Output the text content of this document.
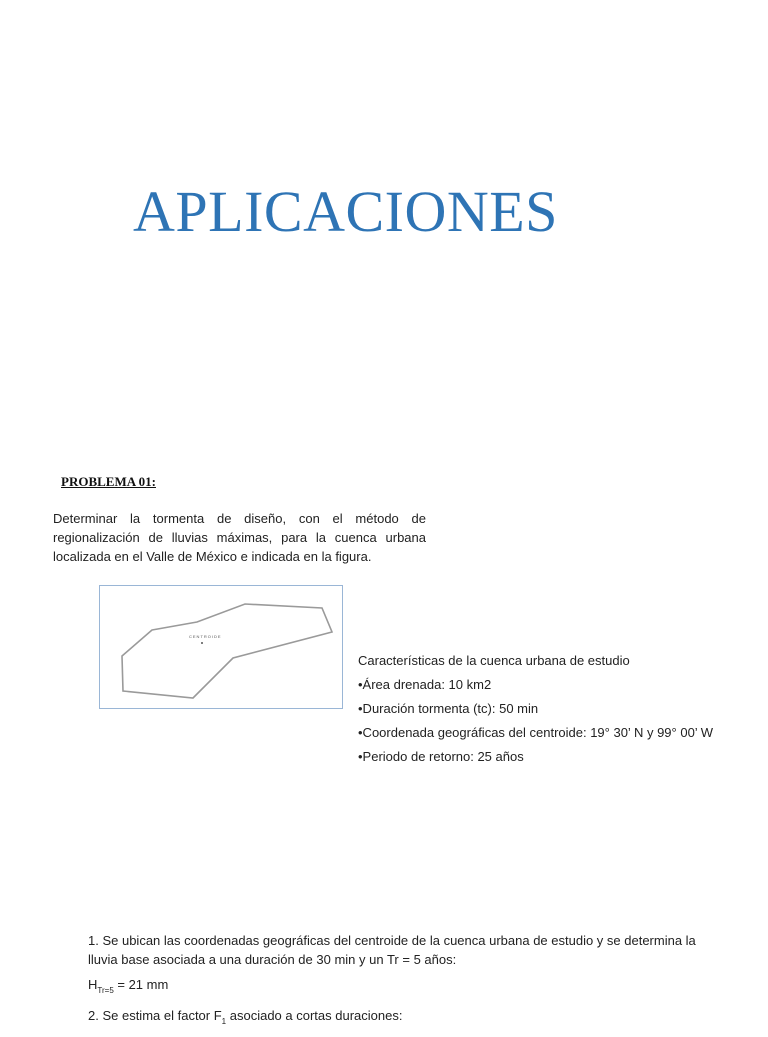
APLICACIONES
PROBLEMA 01:
Determinar la tormenta de diseño, con el método de regionalización de lluvias máximas, para la cuenca urbana localizada en el Valle de México e indicada en la figura.
CENTROIDE

Características de la cuenca urbana de estudio

•Área drenada: 10 km2

•Duración tormenta (tc): 50 min

•Coordenada geográficas del centroide: 19° 30’ N y 99° 00’ W

•Periodo de retorno: 25 años

1. Se ubican las coordenadas geográficas del centroide de la cuenca urbana de estudio y se determina la lluvia base asociada a una duración de 30 min y un Tr = 5 años:

$H_{Tr=5} = 21$ mm

2. Se estima el factor $F_1$ asociado a cortas duraciones:
